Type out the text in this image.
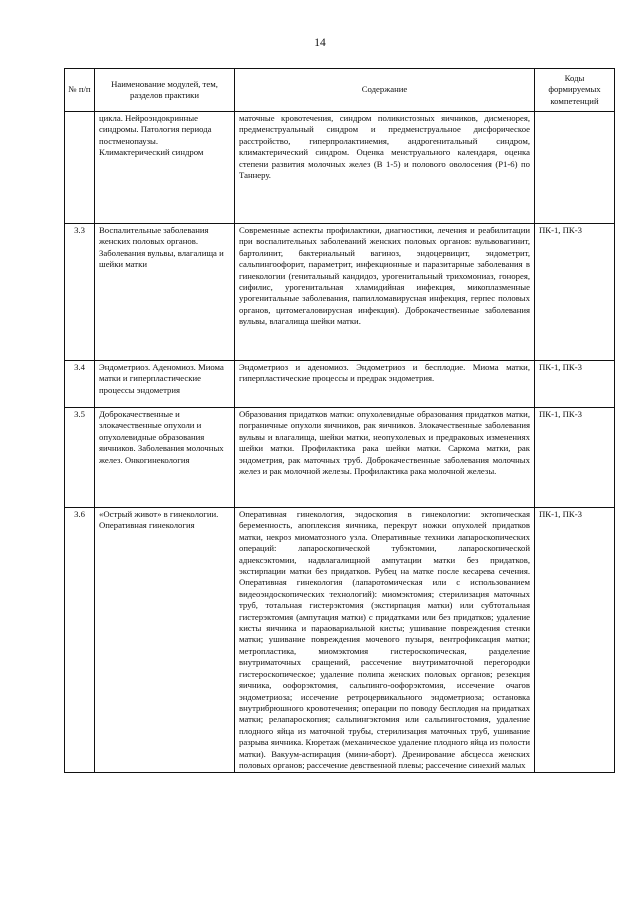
14
№ п/п	Наименование модулей, тем, разделов практики	Содержание	Коды формируемых компетенций
	цикла. Нейроэндокринные синдромы. Патология периода постменопаузы. Климактерический синдром	маточные кровотечения, синдром поликистозных яичников, дисменорея, предменструальный синдром и предменструальное дисфорическое расстройство, гиперпролактинемия, андрогенитальный синдром, климактерический синдром. Оценка менструального календаря, оценка степени развития молочных желез (В 1-5) и полового оволосения (Р1-6) по Таннеру.	
3.3	Воспалительные заболевания женских половых органов. Заболевания вульвы, влагалища и шейки матки	Современные аспекты профилактики, диагностики, лечения и реабилитации при воспалительных заболеваний женских половых органов: вульвовагинит, бартолинит, бактериальный вагиноз, эндоцервицит, эндометрит, сальпингоофорит, параметрит, инфекционные и паразитарные заболевания в гинекологии (генитальный кандидоз, урогенитальный трихомониаз, гонорея, сифилис, урогенитальная хламидийная инфекция, микоплазменные урогенитальные заболевания, папилломавирусная инфекция, герпес половых органов, цитомегаловирусная инфекция). Доброкачественные заболевания вульвы, влагалища шейки матки.	ПК-1, ПК-3
3.4	Эндометриоз. Аденомиоз. Миома матки и гиперпластические процессы эндометрия	Эндометриоз и аденомиоз. Эндометриоз и бесплодие. Миома матки, гиперпластические процессы и предрак эндометрия.	ПК-1, ПК-3
3.5	Доброкачественные и злокачественные опухоли и опухолевидные образования яичников. Заболевания молочных желез. Онкогинекология	Образования придатков матки: опухолевидные образования придатков матки, пограничные опухоли яичников, рак яичников. Злокачественные заболевания вульвы и влагалища, шейки матки, неопухолевых и предраковых изменениях шейки матки. Профилактика рака шейки матки. Саркома матки, рак эндометрия, рак маточных труб. Доброкачественные заболевания молочных желез и рак молочной железы. Профилактика рака молочной железы.	ПК-1, ПК-3
3.6	«Острый живот» в гинекологии. Оперативная гинекология	Оперативная гинекология, эндоскопия в гинекологии: эктопическая беременность, апоплексия яичника, перекрут ножки опухолей придатков матки, некроз миоматозного узла. Оперативные техники лапароскопических операций: лапароскопической тубэктомии, лапароскопической аднексэктомии, надвлагалищной ампутации матки без придатков, экстирпации матки без придатков. Рубец на матке после кесарева сечения. Оперативная гинекология (лапаротомическая или с использованием видеоэндоскопических технологий): миомэктомия; стерилизация маточных труб, тотальная гистерэктомия (экстирпация матки) или субтотальная гистерэктомия (ампутация матки) с придатками или без придатков; удаление кисты яичника и параовариальной кисты; ушивание повреждения стенки матки; ушивание повреждения мочевого пузыря, вентрофиксация матки; метропластика, миомэктомия гистероскопическая, разделение внутриматочных сращений, рассечение внутриматочной перегородки гистероскопическое; удаление полипа женских половых органов; резекция яичника, оофорэктомия, сальпинго-оофорэктомия, иссечение очагов эндометриоза; иссечение ретроцервикального эндометриоза; остановка внутрибрюшного кровотечения; операции по поводу бесплодия на придатках матки; релапароскопия; сальпингэктомия или сальпингостомия, удаление плодного яйца из маточной трубы, стерилизация маточных труб, ушивание разрыва яичника. Кюретаж (механическое удаление плодного яйца из полости матки). Вакуум-аспирация (мини-аборт). Дренирование абсцесса женских половых органов; рассечение девственной плевы; рассечение синехий малых	ПК-1, ПК-3
